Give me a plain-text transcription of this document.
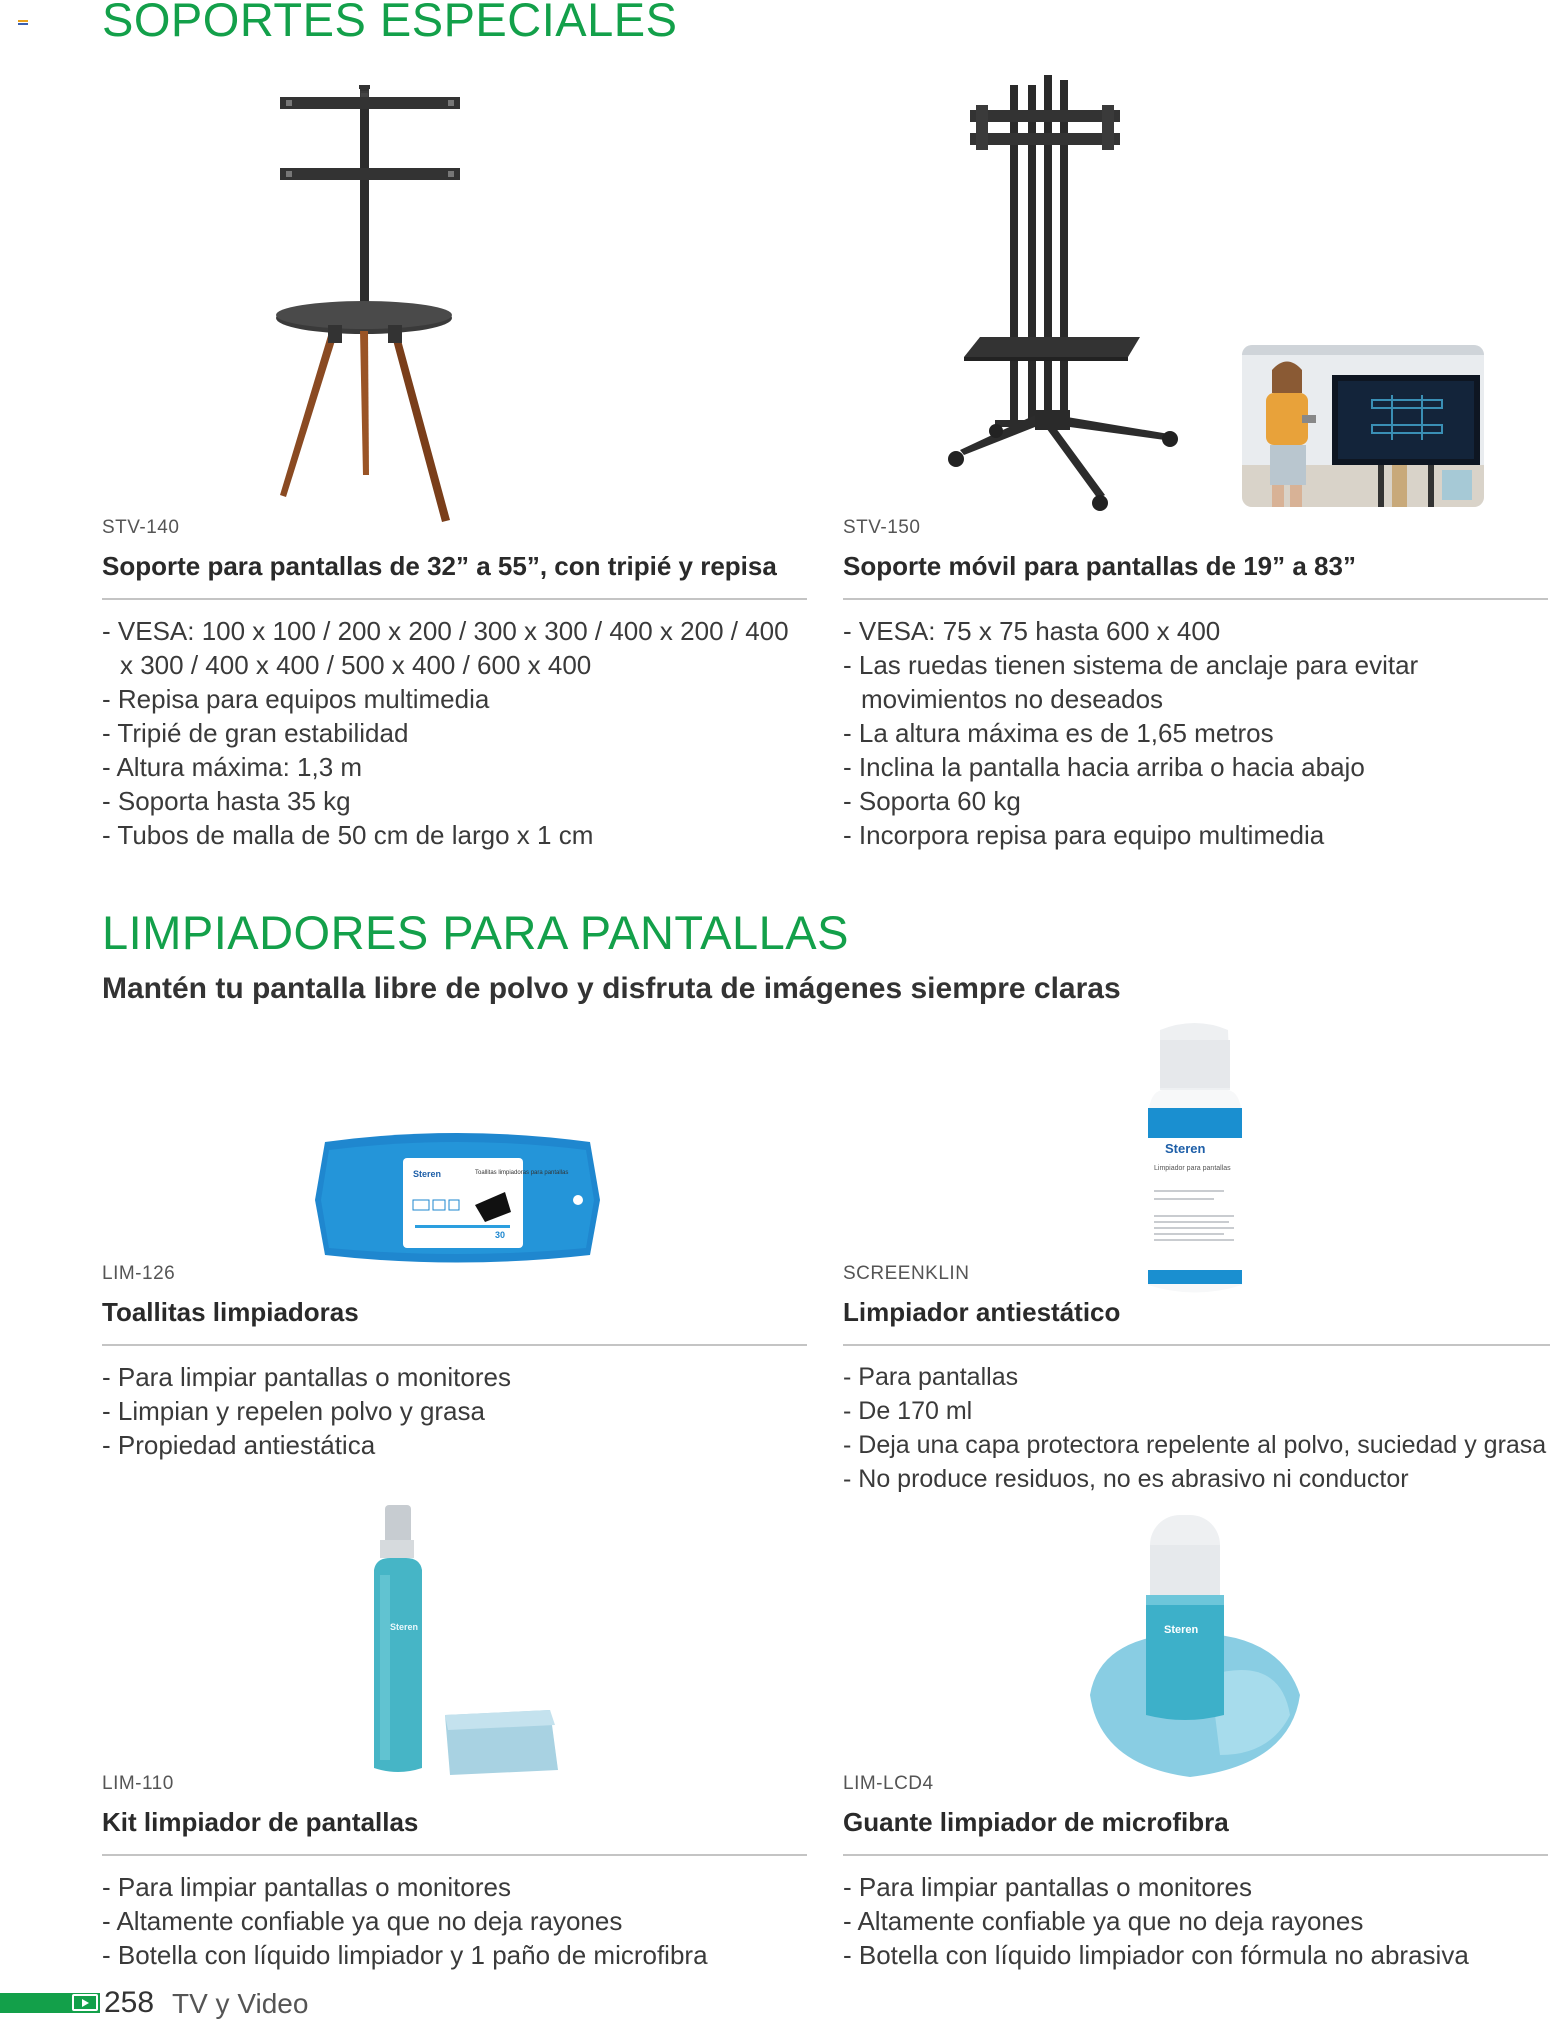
SOPORTES ESPECIALES
LIMPIADORES PARA PANTALLAS
Mantén tu pantalla libre de polvo y disfruta de imágenes siempre claras
Steren	Toallitas limpiadoras para pantallas
30
Steren
Limpiador para pantallas
Steren	Steren
STV-140
Soporte para pantallas de 32” a 55”, con tripié y repisa
- VESA: 100 x 100 / 200 x 200 / 300 x 300 / 400 x 200 / 400 x 300 / 400 x 400 / 500 x 400 / 600 x 400
- Repisa para equipos multimedia
- Tripié de gran estabilidad
- Altura máxima: 1,3 m
- Soporta hasta 35 kg
- Tubos de malla de 50 cm de largo x 1 cm
STV-150
Soporte móvil para pantallas de 19” a 83”
- VESA: 75 x 75 hasta 600 x 400
- Las ruedas tienen sistema de anclaje para evitar movimientos no deseados
- La altura máxima es de 1,65 metros
- Inclina la pantalla hacia arriba o hacia abajo
- Soporta 60 kg
- Incorpora repisa para equipo multimedia
LIM-126
Toallitas limpiadoras
- Para limpiar pantallas o monitores
- Limpian y repelen polvo y grasa
- Propiedad antiestática
SCREENKLIN
Limpiador antiestático
- Para pantallas
- De 170 ml
- Deja una capa protectora repelente al polvo, suciedad y grasa
- No produce residuos, no es abrasivo ni conductor
LIM-110
Kit limpiador de pantallas
- Para limpiar pantallas o monitores
- Altamente confiable ya que no deja rayones
- Botella con líquido limpiador y 1 paño de microfibra
LIM-LCD4
Guante limpiador de microfibra
- Para limpiar pantallas o monitores
- Altamente confiable ya que no deja rayones
- Botella con líquido limpiador con fórmula no abrasiva
258 TV y Video
